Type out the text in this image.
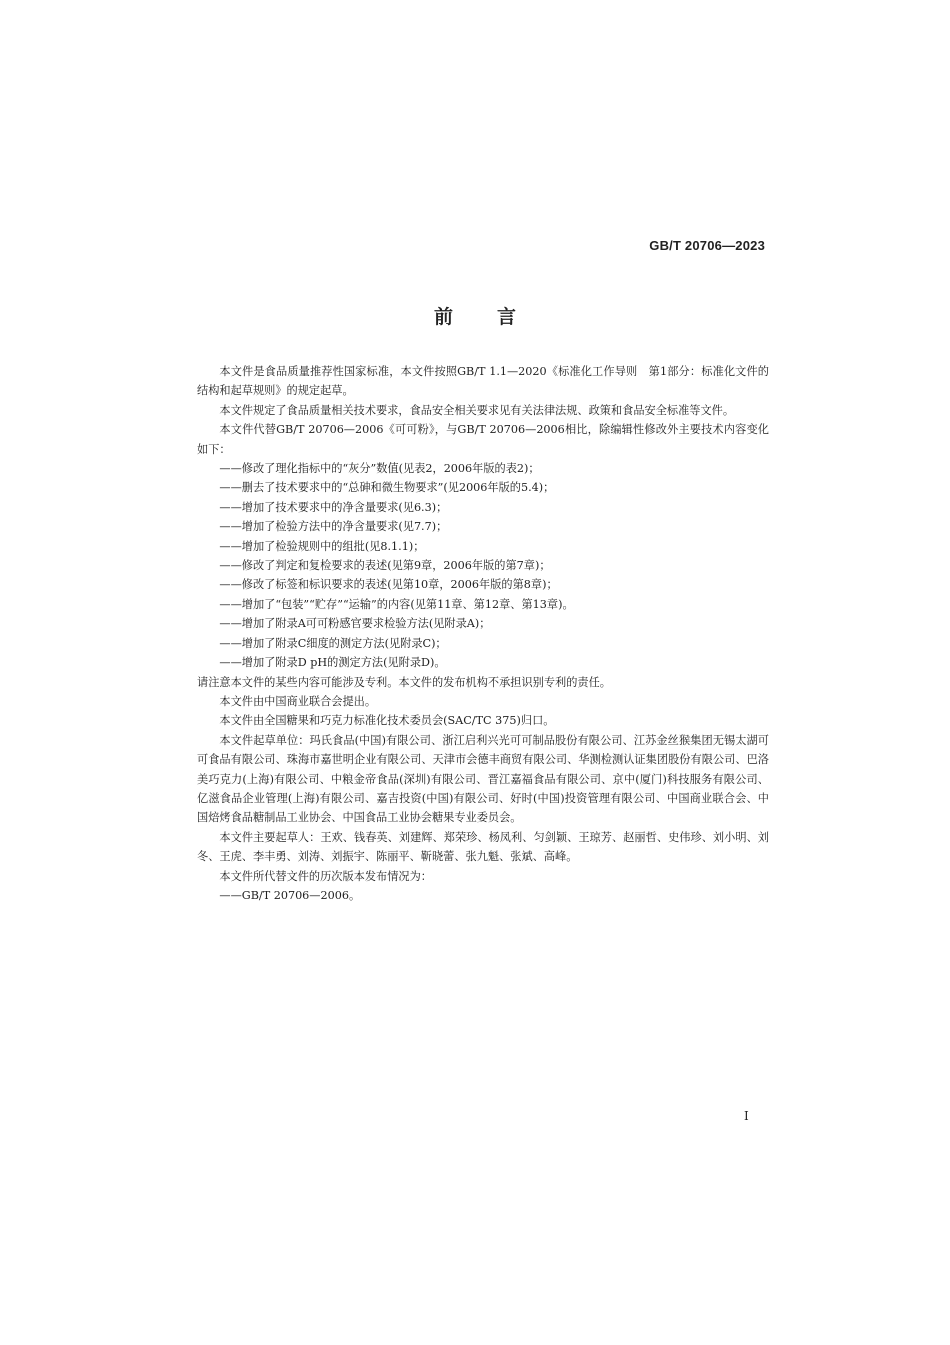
GB/T 20706—2023
前言

本文件是食品质量推荐性国家标准，本文件按照GB/T 1.1—2020《标准化工作导则　第1部分：标准化文件的结构和起草规则》的规定起草。

本文件规定了食品质量相关技术要求，食品安全相关要求见有关法律法规、政策和食品安全标准等文件。

本文件代替GB/T 20706—2006《可可粉》，与GB/T 20706—2006相比，除编辑性修改外主要技术内容变化如下：

——修改了理化指标中的“灰分”数值(见表2，2006年版的表2)；
——删去了技术要求中的“总砷和微生物要求”(见2006年版的5.4)；
——增加了技术要求中的净含量要求(见6.3)；
——增加了检验方法中的净含量要求(见7.7)；
——增加了检验规则中的组批(见8.1.1)；
——修改了判定和复检要求的表述(见第9章，2006年版的第7章)；
——修改了标签和标识要求的表述(见第10章，2006年版的第8章)；
——增加了“包装”“贮存”“运输”的内容(见第11章、第12章、第13章)。
——增加了附录A可可粉感官要求检验方法(见附录A)；
——增加了附录C细度的测定方法(见附录C)；
——增加了附录D pH的测定方法(见附录D)。

请注意本文件的某些内容可能涉及专利。本文件的发布机构不承担识别专利的责任。

本文件由中国商业联合会提出。

本文件由全国糖果和巧克力标准化技术委员会(SAC/TC 375)归口。

本文件起草单位：玛氏食品(中国)有限公司、浙江启利兴光可可制品股份有限公司、江苏金丝猴集团无锡太湖可可食品有限公司、珠海市嘉世明企业有限公司、天津市会德丰商贸有限公司、华测检测认证集团股份有限公司、巴洛美巧克力(上海)有限公司、中粮金帝食品(深圳)有限公司、晋江嘉福食品有限公司、京中(厦门)科技服务有限公司、亿滋食品企业管理(上海)有限公司、嘉吉投资(中国)有限公司、好时(中国)投资管理有限公司、中国商业联合会、中国焙烤食品糖制品工业协会、中国食品工业协会糖果专业委员会。

本文件主要起草人：王欢、钱春英、刘建辉、郑荣珍、杨凤利、匀剑颖、王琼芳、赵丽哲、史伟珍、刘小明、刘冬、王虎、李丰勇、刘涛、刘振宇、陈丽平、靳晓蕾、张九魁、张斌、高峰。

本文件所代替文件的历次版本发布情况为：

——GB/T 20706—2006。
I
